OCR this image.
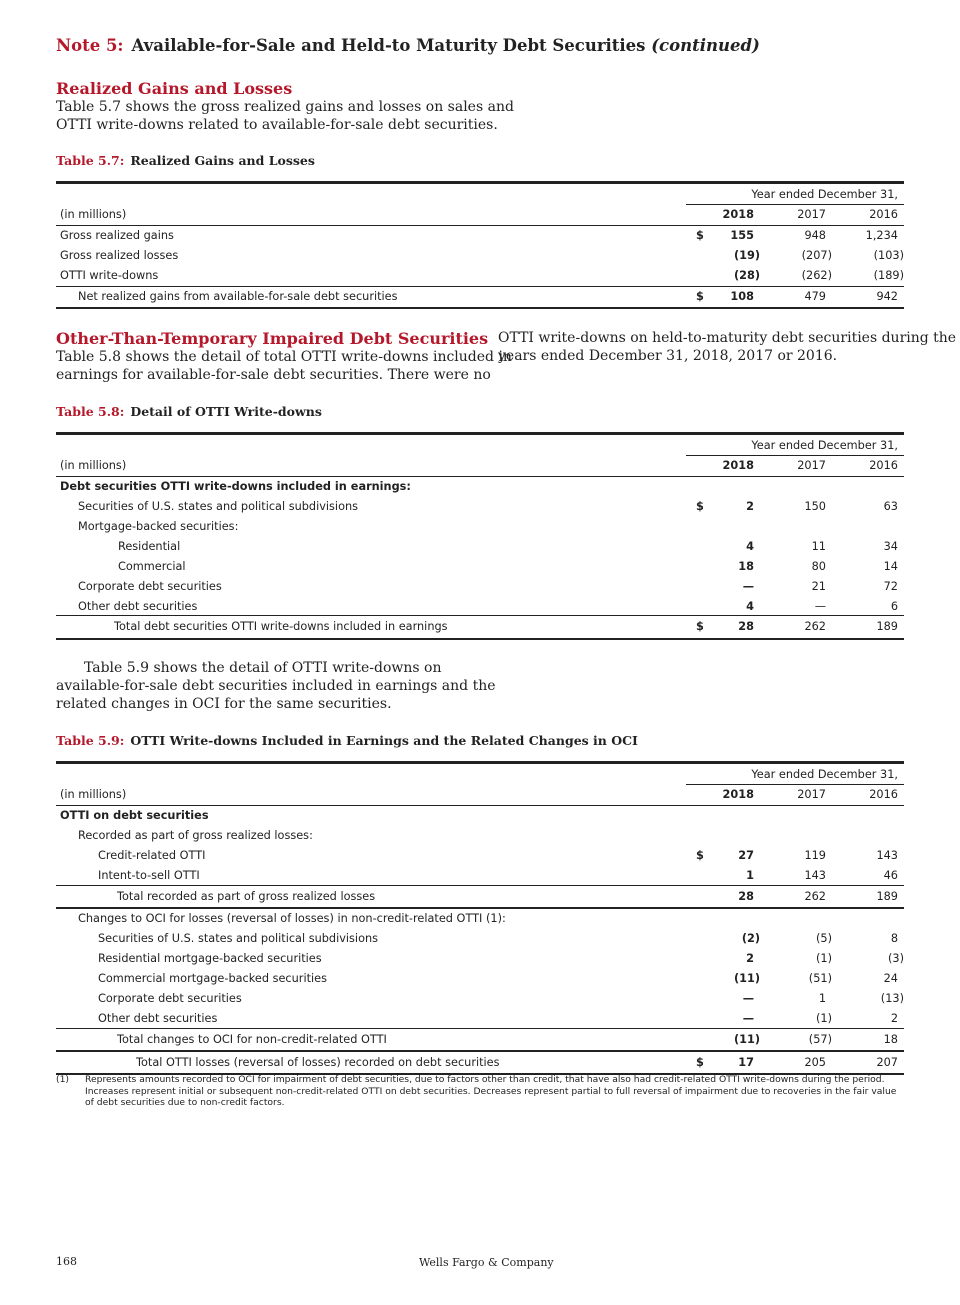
Note 5: Available-for-Sale and Held-to Maturity Debt Securities (continued)
Realized Gains and Losses
Table 5.7 shows the gross realized gains and losses on sales and
OTTI write-downs related to available-for-sale debt securities.
Table 5.7: Realized Gains and Losses
Year ended December 31,
(in millions)	2018	2017	2016
Gross realized gains	$ 155	948	1,234
Gross realized losses	(19)	(207)	(103)
OTTI write-downs	(28)	(262)	(189)
Net realized gains from available-for-sale debt securities	$ 108	479	942
Other-Than-Temporary Impaired Debt Securities
Table 5.8 shows the detail of total OTTI write-downs included in
earnings for available-for-sale debt securities. There were no
OTTI write-downs on held-to-maturity debt securities during the
years ended December 31, 2018, 2017 or 2016.
Table 5.8: Detail of OTTI Write-downs
Year ended December 31,
(in millions)	2018	2017	2016
Debt securities OTTI write-downs included in earnings:
Securities of U.S. states and political subdivisions	$	2	150	63
Mortgage-backed securities:
Residential	4	11	34
Commercial	18	80	14
Corporate debt securities	—	21	72
Other debt securities	4	—	6
Total debt securities OTTI write-downs included in earnings	$	28	262	189
Table 5.9 shows the detail of OTTI write-downs on
available-for-sale debt securities included in earnings and the
related changes in OCI for the same securities.
Table 5.9: OTTI Write-downs Included in Earnings and the Related Changes in OCI
Year ended December 31,
(in millions)	2018	2017	2016
OTTI on debt securities
Recorded as part of gross realized losses:
Credit-related OTTI	$	27	119	143
Intent-to-sell OTTI	1	143	46
Total recorded as part of gross realized losses	28	262	189
Changes to OCI for losses (reversal of losses) in non-credit-related OTTI (1):
Securities of U.S. states and political subdivisions	(2)	(5)	8
Residential mortgage-backed securities	2	(1)	(3)
Commercial mortgage-backed securities	(11)	(51)	24
Corporate debt securities	—	1	(13)
Other debt securities	—	(1)	2
Total changes to OCI for non-credit-related OTTI	(11)	(57)	18
Total OTTI losses (reversal of losses) recorded on debt securities	$	17	205	207
(1) Represents amounts recorded to OCI for impairment of debt securities, due to factors other than credit, that have also had credit-related OTTI write-downs during the period. Increases represent initial or subsequent non-credit-related OTTI on debt securities. Decreases represent partial to full reversal of impairment due to recoveries in the fair value of debt securities due to non-credit factors.
168	Wells Fargo & Company
